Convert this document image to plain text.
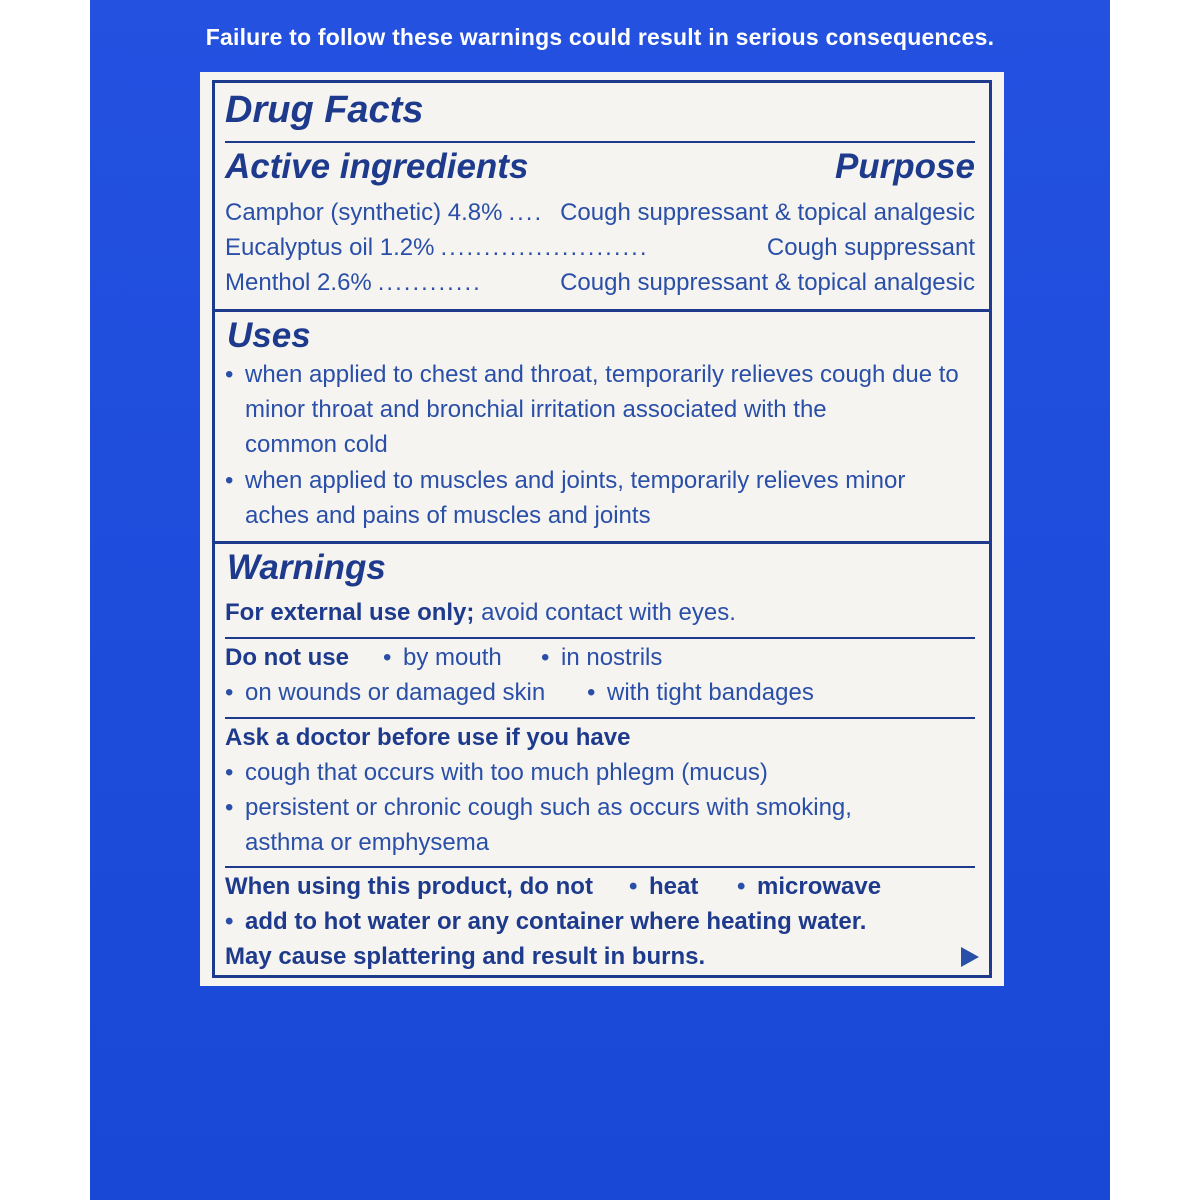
Failure to follow these warnings could result in serious consequences.
Drug Facts
Active ingredients	Purpose
Camphor (synthetic) 4.8% .... Cough suppressant & topical analgesic
Eucalyptus oil 1.2% ........................	Cough suppressant
Menthol 2.6% ............	Cough suppressant & topical analgesic
Uses
• when applied to chest and throat, temporarily relieves cough due to
minor throat and bronchial irritation associated with the
common cold
• when applied to muscles and joints, temporarily relieves minor
aches and pains of muscles and joints
Warnings
For external use only; avoid contact with eyes.
Do not use • by mouth • in nostrils
• on wounds or damaged skin • with tight bandages
Ask a doctor before use if you have
• cough that occurs with too much phlegm (mucus)
• persistent or chronic cough such as occurs with smoking,
asthma or emphysema
When using this product, do not • heat • microwave
• add to hot water or any container where heating water.
May cause splattering and result in burns.
